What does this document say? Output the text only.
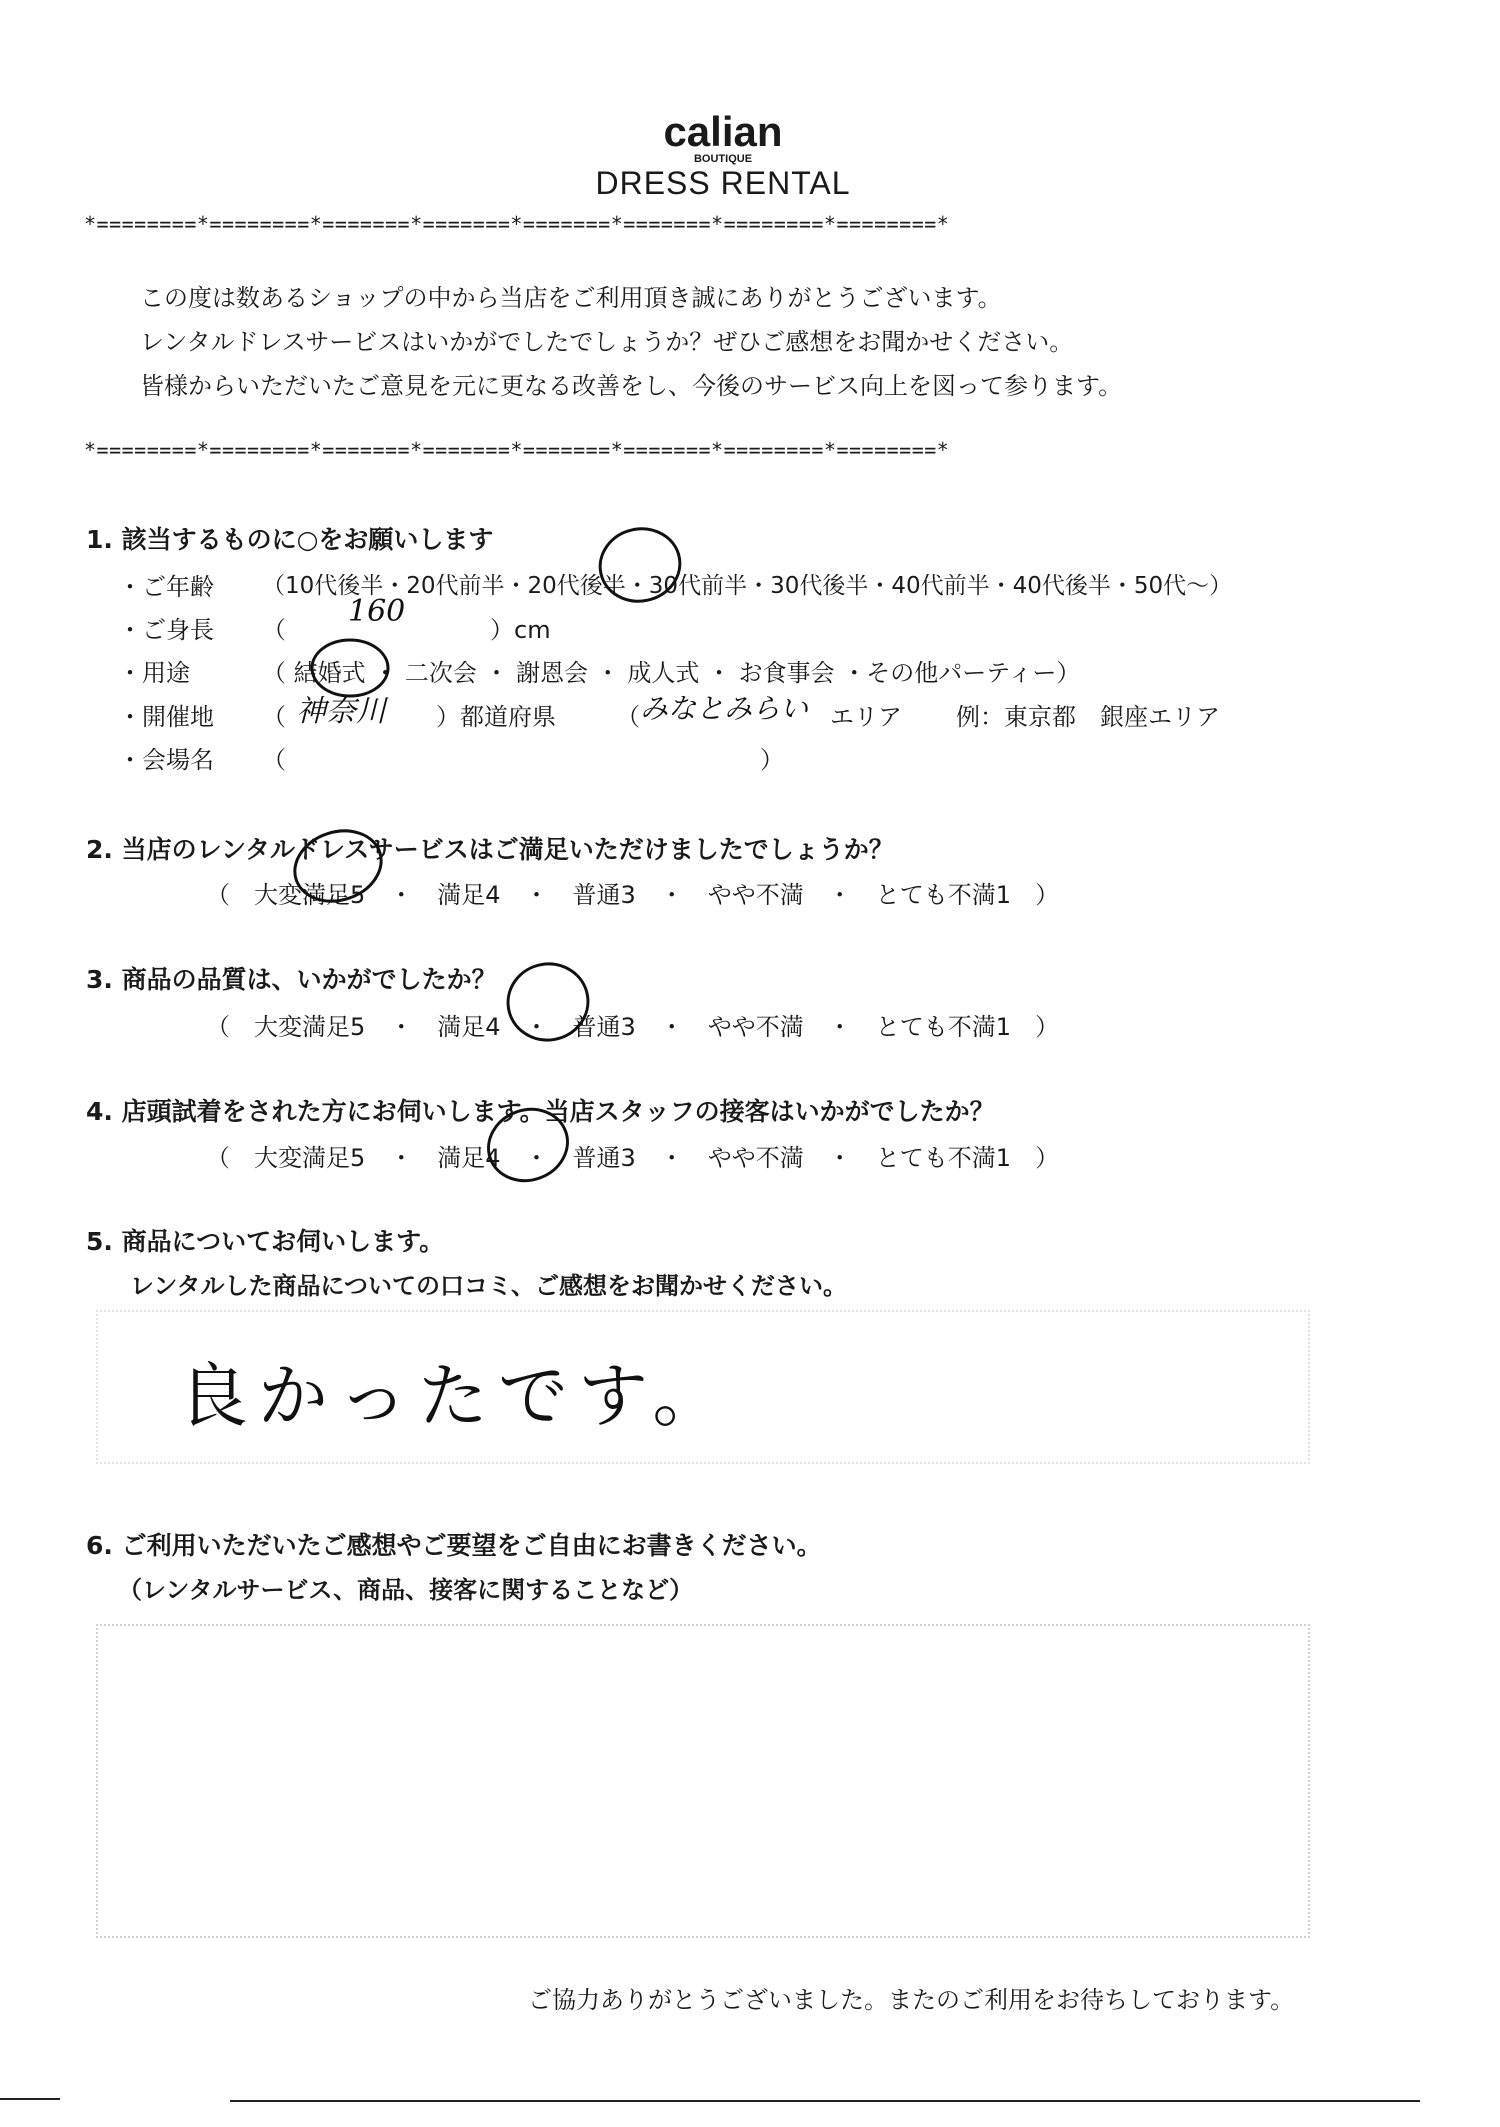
calian
BOUTIQUE
DRESS RENTAL
*========*========*=======*=======*=======*=======*========*========*
この度は数あるショップの中から当店をご利用頂き誠にありがとうございます。
レンタルドレスサービスはいかがでしたでしょうか？ぜひご感想をお聞かせください。
皆様からいただいたご意見を元に更なる改善をし、今後のサービス向上を図って参ります。
*========*========*=======*=======*=======*=======*========*========*
1. 該当するものに○をお願いします
・ご年齢 （10代後半・20代前半・20代後半・30代前半・30代後半・40代前半・40代後半・50代～）
・ご身長 （
160
）cm
・用途	（ 結婚式 ・ 二次会 ・ 謝恩会 ・ 成人式 ・ お食事会 ・その他パーティー）
・開催地 （ 神奈川 ）都道府県	（ みなとみらい エリア 例：東京都　銀座エリア
・会場名 （	）
2. 当店のレンタルドレスサービスはご満足いただけましたでしょうか？
（　大変満足5　・　満足4　・　普通3　・　やや不満　・　とても不満1　）
3. 商品の品質は、いかがでしたか？
（　大変満足5　・　満足4　・　普通3　・　やや不満　・　とても不満1　）
4. 店頭試着をされた方にお伺いします。当店スタッフの接客はいかがでしたか？
（　大変満足5　・　満足4　・　普通3　・　やや不満　・　とても不満1　）
5. 商品についてお伺いします。
レンタルした商品についての口コミ、ご感想をお聞かせください。
良かったです。
6. ご利用いただいたご感想やご要望をご自由にお書きください。
（レンタルサービス、商品、接客に関することなど）
ご協力ありがとうございました。またのご利用をお待ちしております。
